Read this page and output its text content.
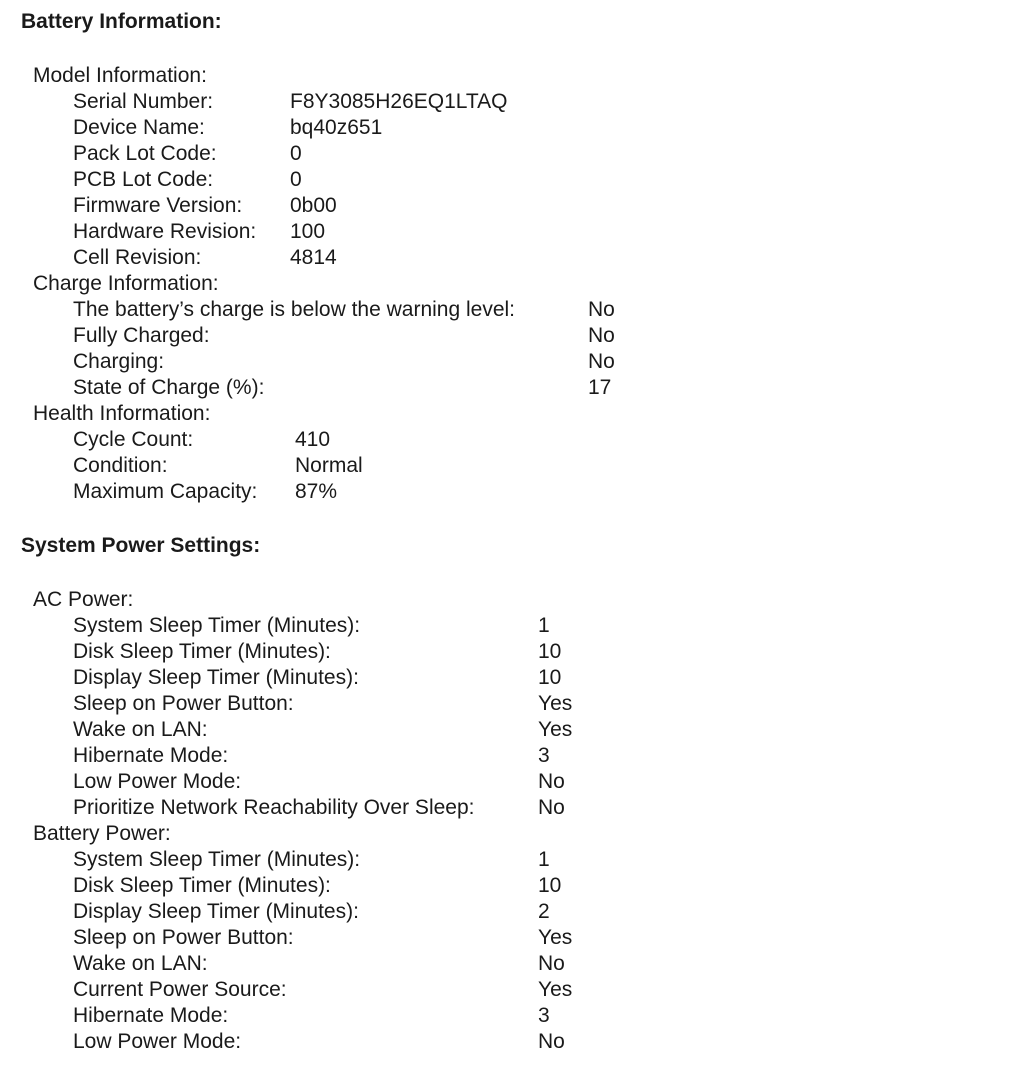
Battery Information:
Model Information:
Serial Number:	F8Y3085H26EQ1LTAQ
Device Name:	bq40z651
Pack Lot Code:	0
PCB Lot Code:	0
Firmware Version: 0b00
Hardware Revision: 100
Cell Revision:	4814
Charge Information:
The battery’s charge is below the warning level:	No
Fully Charged:	No
Charging:	No
State of Charge (%):	17
Health Information:
Cycle Count:	410
Condition:	Normal
Maximum Capacity: 87%
System Power Settings:
AC Power:
System Sleep Timer (Minutes):	1
Disk Sleep Timer (Minutes):	10
Display Sleep Timer (Minutes):	10
Sleep on Power Button:	Yes
Wake on LAN:	Yes
Hibernate Mode:	3
Low Power Mode:	No
Prioritize Network Reachability Over Sleep:	No
Battery Power:
System Sleep Timer (Minutes):	1
Disk Sleep Timer (Minutes):	10
Display Sleep Timer (Minutes):	2
Sleep on Power Button:	Yes
Wake on LAN:	No
Current Power Source:	Yes
Hibernate Mode:	3
Low Power Mode:	No
